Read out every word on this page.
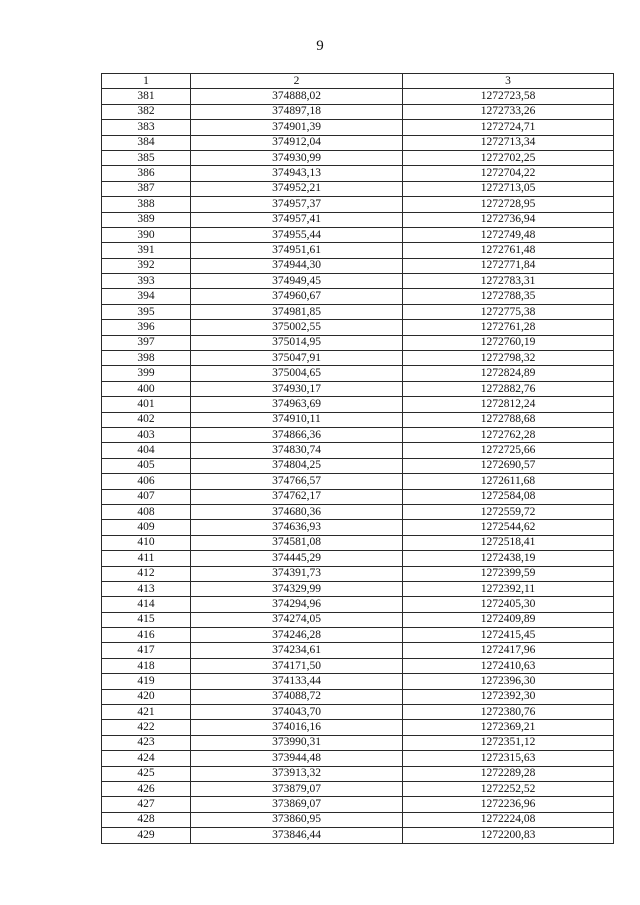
9
1	2	3
381	374888,02	1272723,58
382	374897,18	1272733,26
383	374901,39	1272724,71
384	374912,04	1272713,34
385	374930,99	1272702,25
386	374943,13	1272704,22
387	374952,21	1272713,05
388	374957,37	1272728,95
389	374957,41	1272736,94
390	374955,44	1272749,48
391	374951,61	1272761,48
392	374944,30	1272771,84
393	374949,45	1272783,31
394	374960,67	1272788,35
395	374981,85	1272775,38
396	375002,55	1272761,28
397	375014,95	1272760,19
398	375047,91	1272798,32
399	375004,65	1272824,89
400	374930,17	1272882,76
401	374963,69	1272812,24
402	374910,11	1272788,68
403	374866,36	1272762,28
404	374830,74	1272725,66
405	374804,25	1272690,57
406	374766,57	1272611,68
407	374762,17	1272584,08
408	374680,36	1272559,72
409	374636,93	1272544,62
410	374581,08	1272518,41
411	374445,29	1272438,19
412	374391,73	1272399,59
413	374329,99	1272392,11
414	374294,96	1272405,30
415	374274,05	1272409,89
416	374246,28	1272415,45
417	374234,61	1272417,96
418	374171,50	1272410,63
419	374133,44	1272396,30
420	374088,72	1272392,30
421	374043,70	1272380,76
422	374016,16	1272369,21
423	373990,31	1272351,12
424	373944,48	1272315,63
425	373913,32	1272289,28
426	373879,07	1272252,52
427	373869,07	1272236,96
428	373860,95	1272224,08
429	373846,44	1272200,83
